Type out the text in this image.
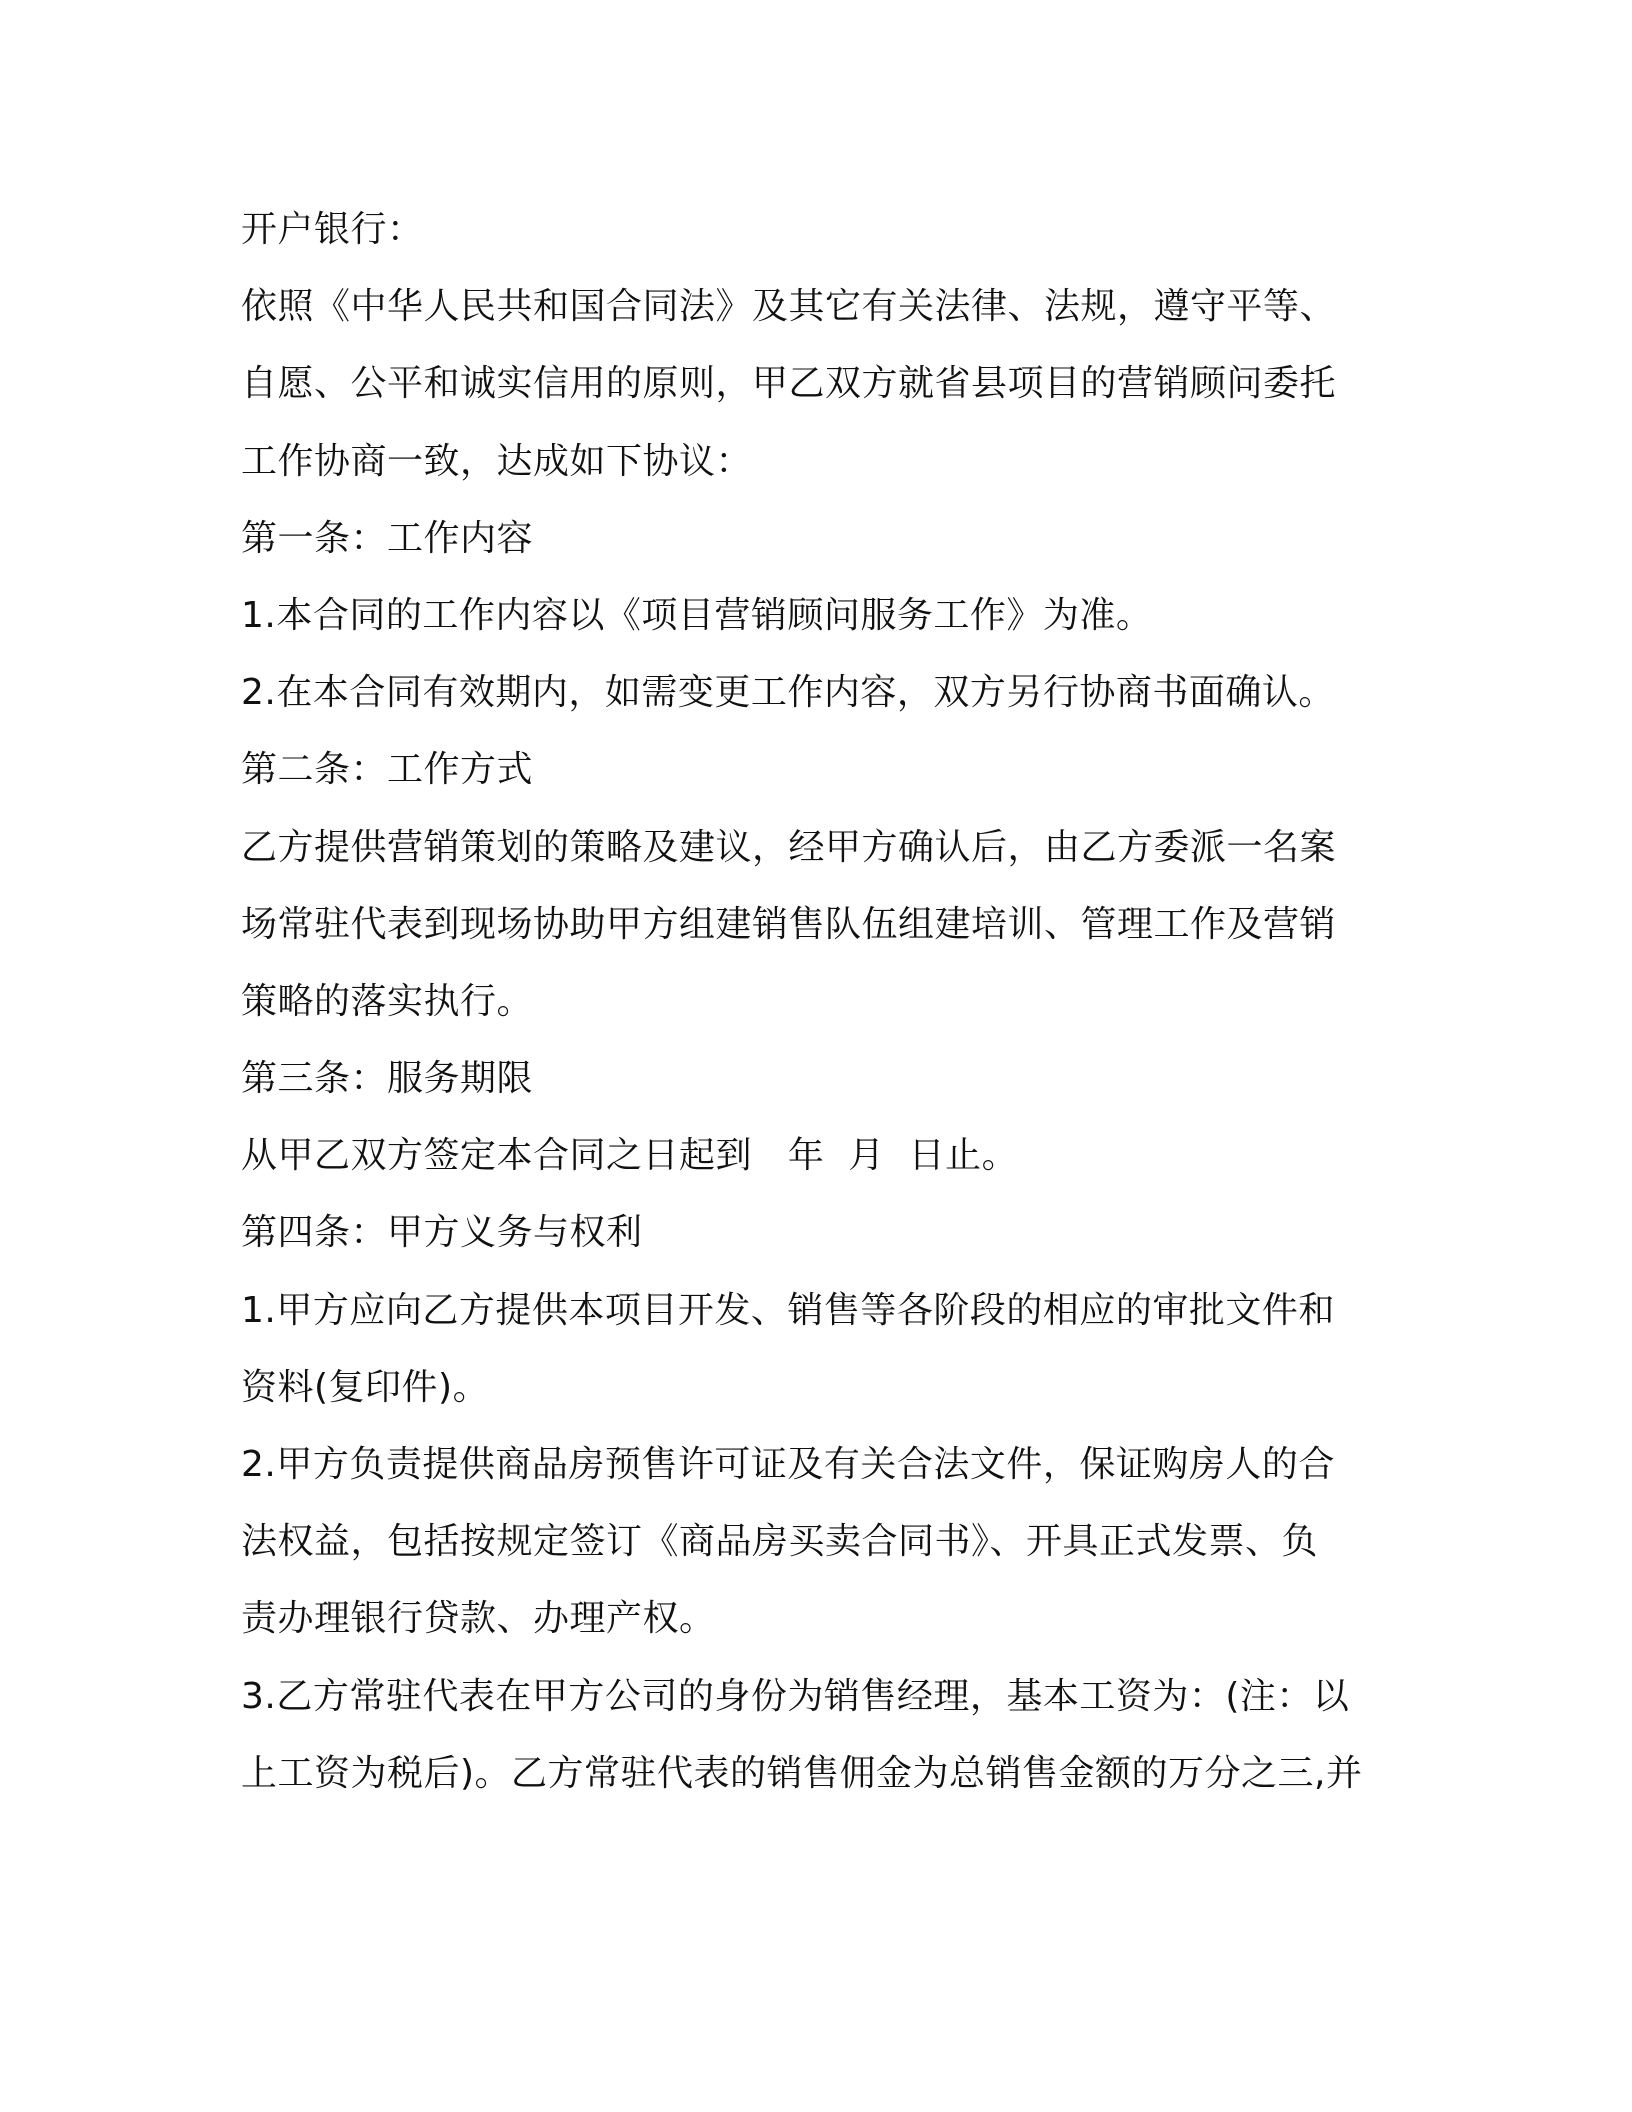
开户银行：
依照《中华人民共和国合同法》及其它有关法律、法规，遵守平等、
自愿、公平和诚实信用的原则，甲乙双方就省县项目的营销顾问委托
工作协商一致，达成如下协议：
第一条：工作内容
1.本合同的工作内容以《项目营销顾问服务工作》为准。
2.在本合同有效期内，如需变更工作内容，双方另行协商书面确认。
第二条：工作方式
乙方提供营销策划的策略及建议，经甲方确认后，由乙方委派一名案
场常驻代表到现场协助甲方组建销售队伍组建培训、管理工作及营销
策略的落实执行。
第三条：服务期限
从甲乙双方签定本合同之日起到   年  月  日止。
第四条：甲方义务与权利
1.甲方应向乙方提供本项目开发、销售等各阶段的相应的审批文件和
资料(复印件)。
2.甲方负责提供商品房预售许可证及有关合法文件，保证购房人的合
法权益，包括按规定签订《商品房买卖合同书》、开具正式发票、负
责办理银行贷款、办理产权。
3.乙方常驻代表在甲方公司的身份为销售经理，基本工资为：(注：以
上工资为税后)。乙方常驻代表的销售佣金为总销售金额的万分之三,并
